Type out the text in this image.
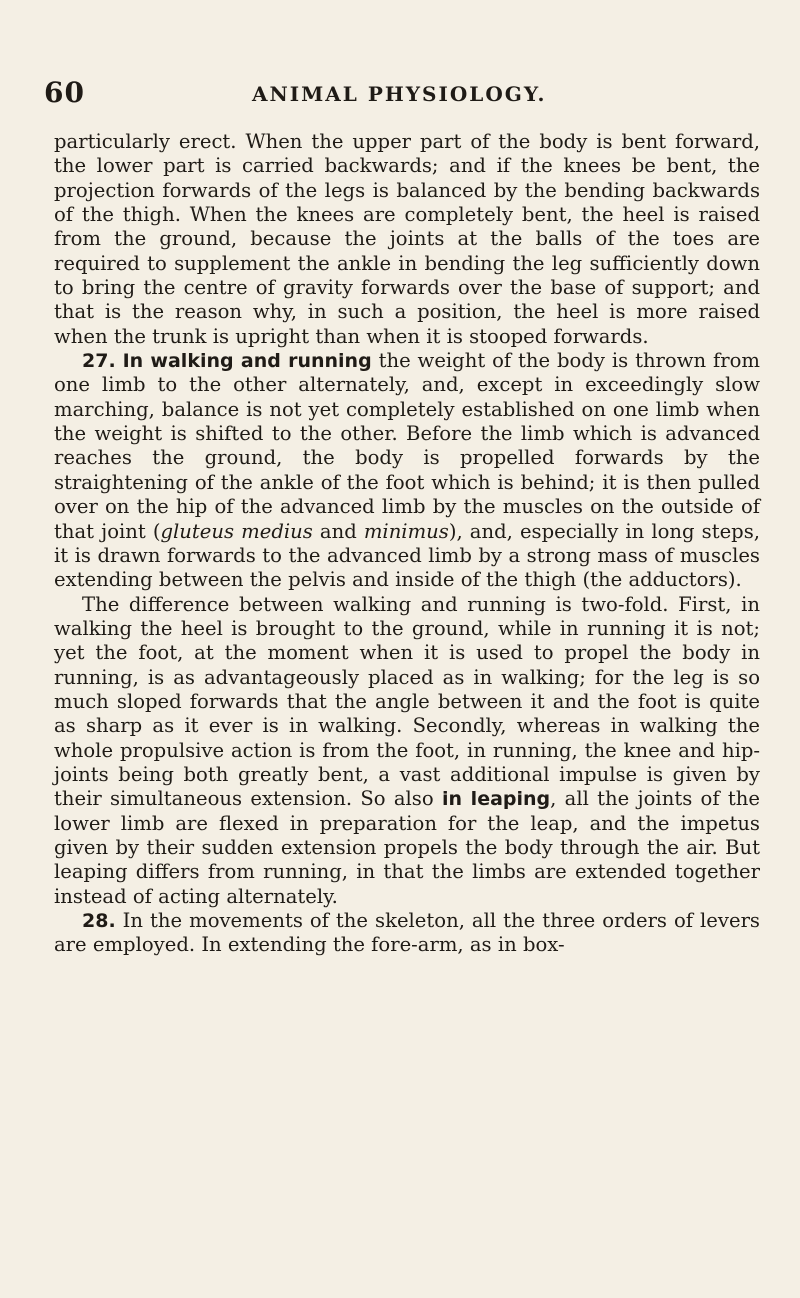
60	ANIMAL PHYSIOLOGY.

particularly erect. When the upper part of the body is bent forward, the lower part is carried backwards; and if the knees be bent, the projection forwards of the legs is balanced by the bending backwards of the thigh. When the knees are completely bent, the heel is raised from the ground, because the joints at the balls of the toes are required to supplement the ankle in bending the leg sufficiently down to bring the centre of gravity forwards over the base of support; and that is the reason why, in such a position, the heel is more raised when the trunk is upright than when it is stooped forwards.

27. In walking and running the weight of the body is thrown from one limb to the other alternately, and, except in exceedingly slow marching, balance is not yet completely established on one limb when the weight is shifted to the other. Before the limb which is advanced reaches the ground, the body is propelled forwards by the straightening of the ankle of the foot which is behind; it is then pulled over on the hip of the advanced limb by the muscles on the outside of that joint (gluteus medius and minimus), and, especially in long steps, it is drawn forwards to the advanced limb by a strong mass of muscles extending between the pelvis and inside of the thigh (the adductors).

The difference between walking and running is two-fold. First, in walking the heel is brought to the ground, while in running it is not; yet the foot, at the moment when it is used to propel the body in running, is as advantageously placed as in walking; for the leg is so much sloped forwards that the angle between it and the foot is quite as sharp as it ever is in walking. Secondly, whereas in walking the whole propulsive action is from the foot, in running, the knee and hip-joints being both greatly bent, a vast additional impulse is given by their simultaneous extension. So also in leaping, all the joints of the lower limb are flexed in preparation for the leap, and the impetus given by their sudden extension propels the body through the air. But leaping differs from running, in that the limbs are extended together instead of acting alternately.

28. In the movements of the skeleton, all the three orders of levers are employed. In extending the fore-arm, as in box-
